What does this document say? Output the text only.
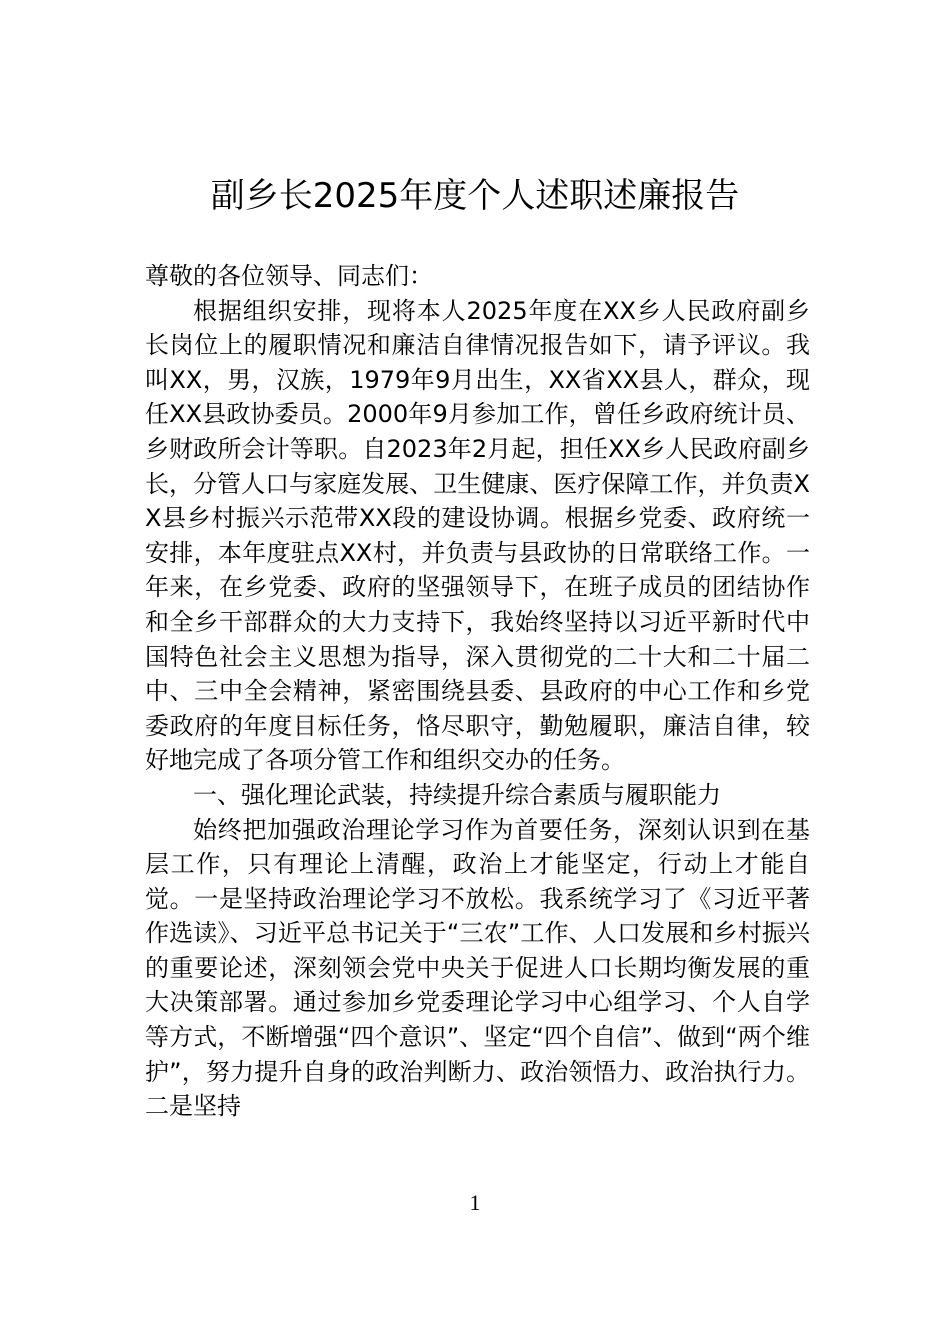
副乡长2025年度个人述职述廉报告

尊敬的各位领导、同志们：

根据组织安排，现将本人2025年度在XX乡人民政府副乡长岗位上的履职情况和廉洁自律情况报告如下，请予评议。我叫XX，男，汉族，1979年9月出生，XX省XX县人，群众，现任XX县政协委员。2000年9月参加工作，曾任乡政府统计员、乡财政所会计等职。自2023年2月起，担任XX乡人民政府副乡长，分管人口与家庭发展、卫生健康、医疗保障工作，并负责XX县乡村振兴示范带XX段的建设协调。根据乡党委、政府统一安排，本年度驻点XX村，并负责与县政协的日常联络工作。一年来，在乡党委、政府的坚强领导下，在班子成员的团结协作和全乡干部群众的大力支持下，我始终坚持以习近平新时代中国特色社会主义思想为指导，深入贯彻党的二十大和二十届二中、三中全会精神，紧密围绕县委、县政府的中心工作和乡党委政府的年度目标任务，恪尽职守，勤勉履职，廉洁自律，较好地完成了各项分管工作和组织交办的任务。

一、强化理论武装，持续提升综合素质与履职能力

始终把加强政治理论学习作为首要任务，深刻认识到在基层工作，只有理论上清醒，政治上才能坚定，行动上才能自觉。一是坚持政治理论学习不放松。我系统学习了《习近平著作选读》、习近平总书记关于“三农”工作、人口发展和乡村振兴的重要论述，深刻领会党中央关于促进人口长期均衡发展的重大决策部署。通过参加乡党委理论学习中心组学习、个人自学等方式，不断增强“四个意识”、坚定“四个自信”、做到“两个维护”，努力提升自身的政治判断力、政治领悟力、政治执行力。二是坚持

1
